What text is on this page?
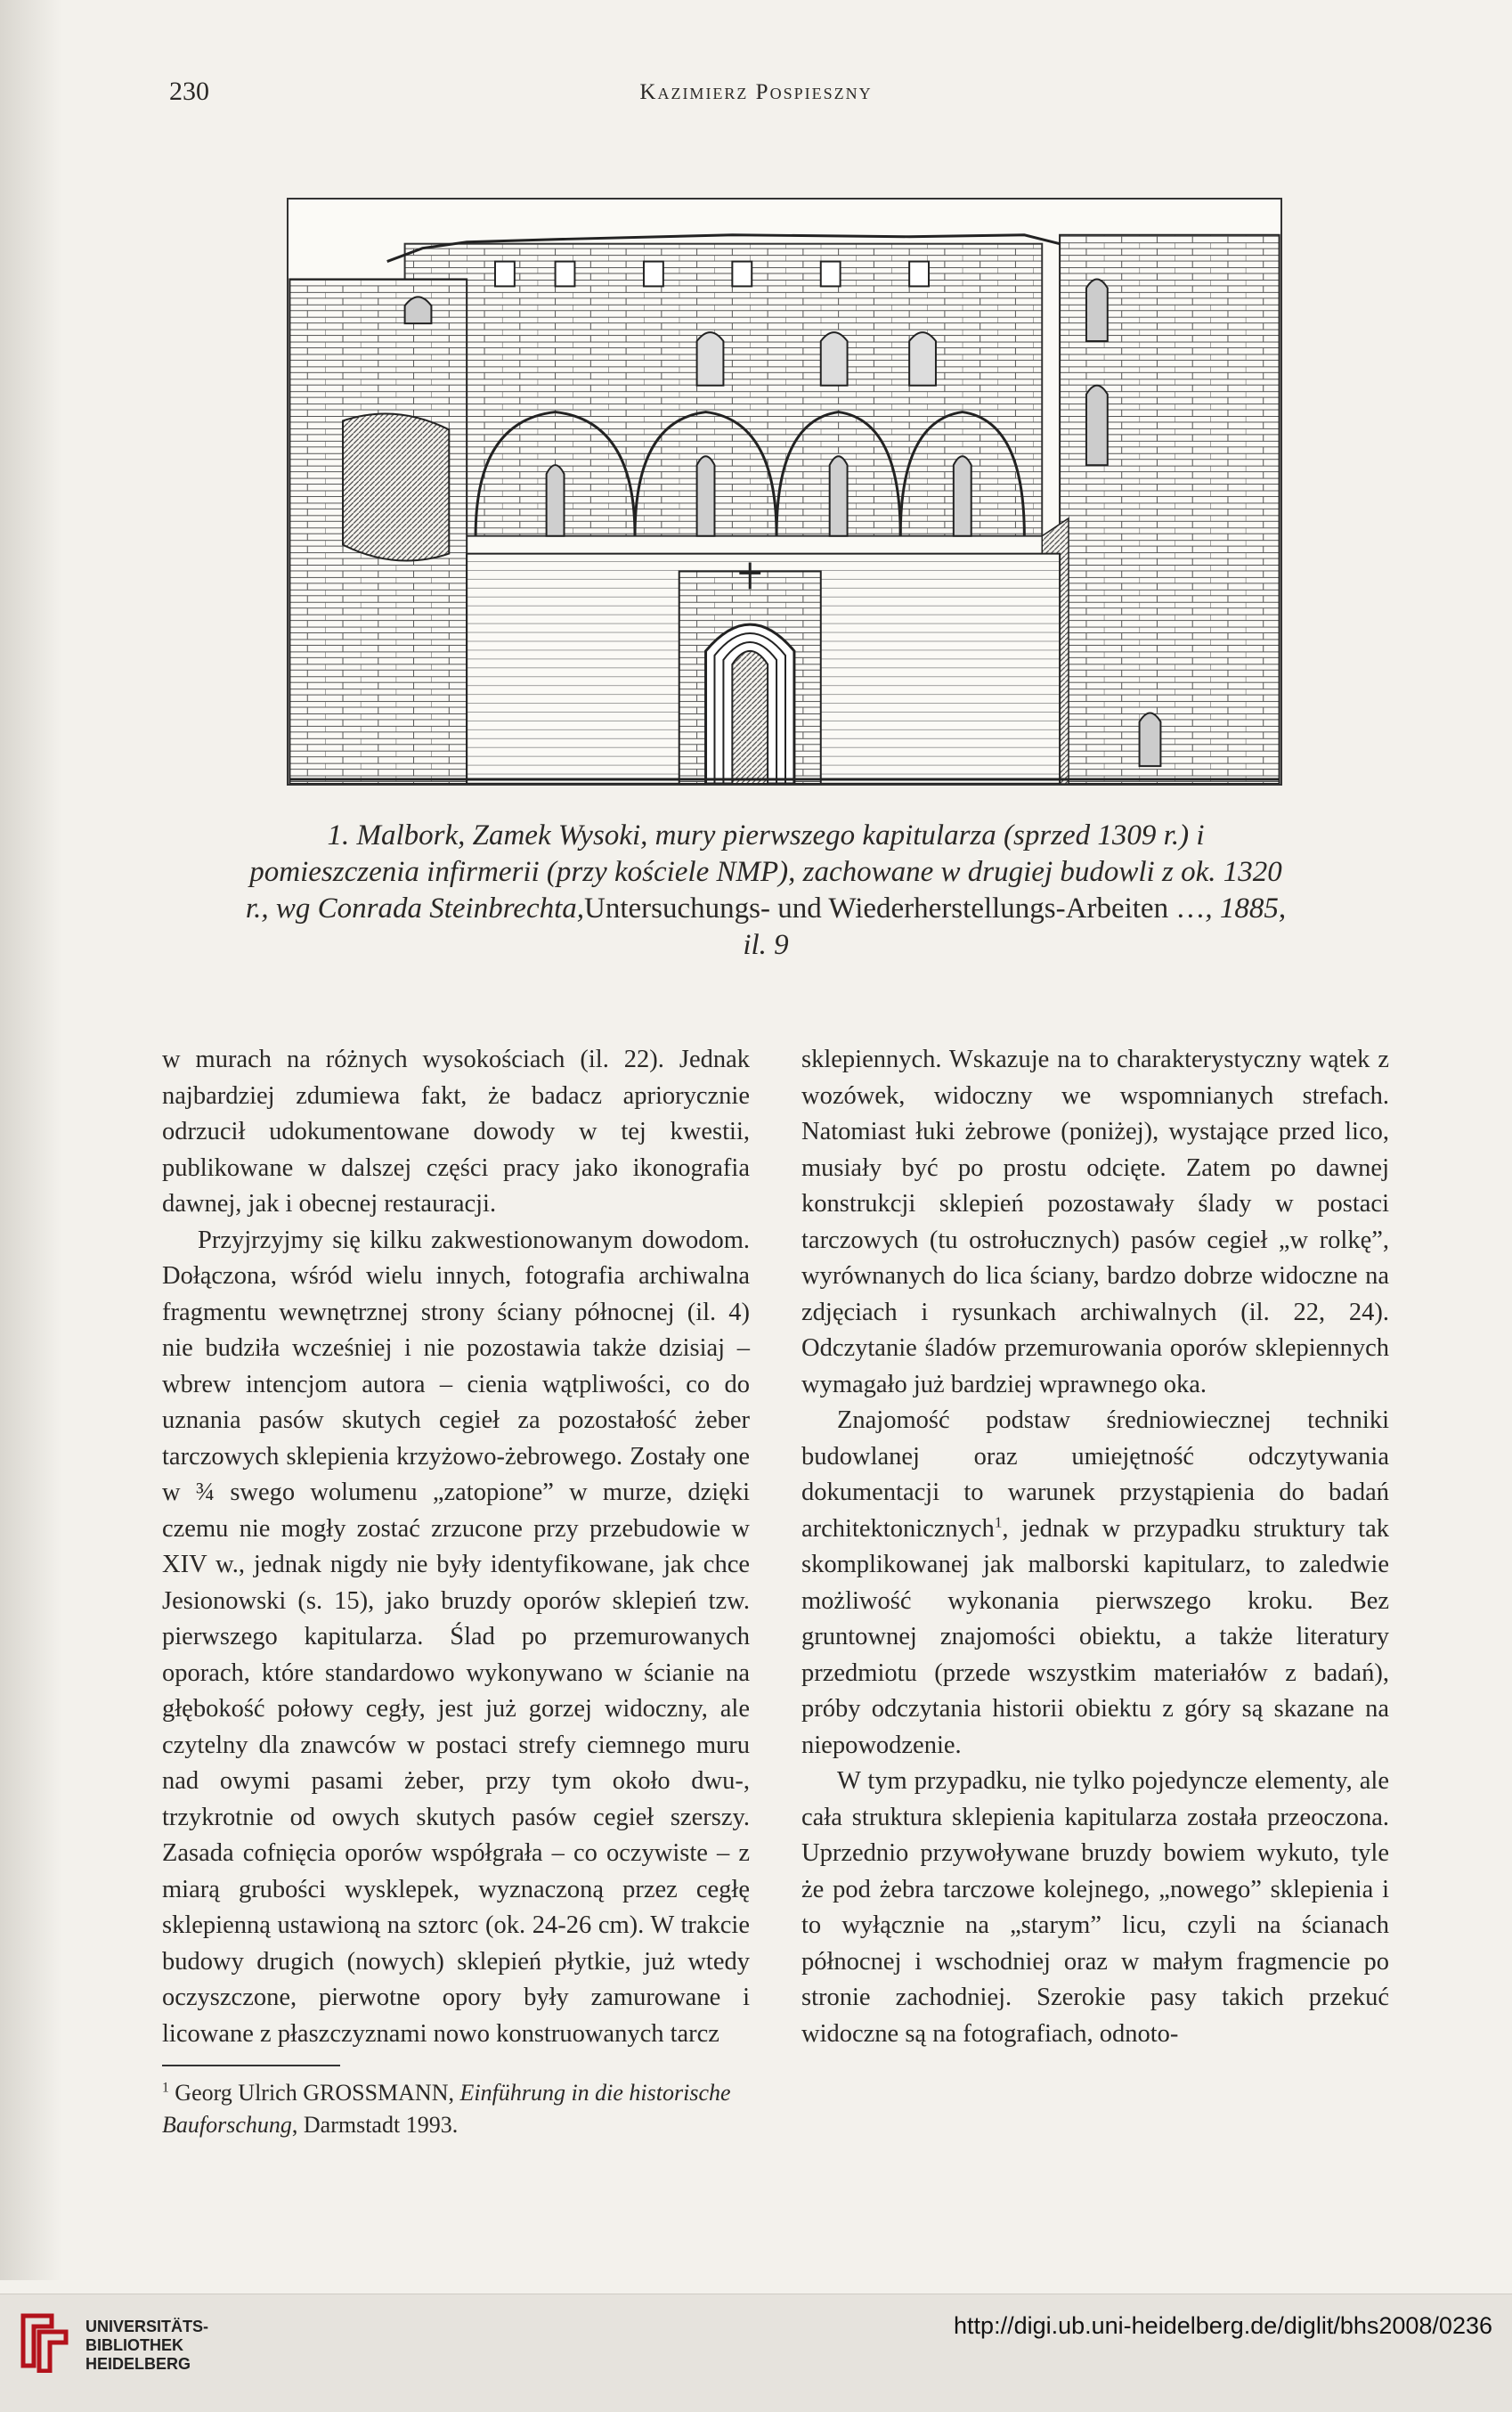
230	Kazimierz Pospieszny
1. Malbork, Zamek Wysoki, mury pierwszego kapitularza (sprzed 1309 r.) i pomieszczenia infirmerii (przy kościele NMP), zachowane w drugiej budowli z ok. 1320 r., wg Conrada Steinbrechta,Untersuchungs- und Wiederherstellungs-Arbeiten …, 1885, il. 9

w murach na różnych wysokościach (il. 22). Jednak najbardziej zdumiewa fakt, że badacz apriorycznie odrzucił udokumentowane dowody w tej kwestii, publikowane w dalszej części pracy jako ikonografia dawnej, jak i obecnej restauracji.

Przyjrzyjmy się kilku zakwestionowanym dowodom. Dołączona, wśród wielu innych, fotografia archiwalna fragmentu wewnętrznej strony ściany północnej (il. 4) nie budziła wcześniej i nie pozostawia także dzisiaj – wbrew intencjom autora – cienia wątpliwości, co do uznania pasów skutych cegieł za pozostałość żeber tarczowych sklepienia krzyżowo-żebrowego. Zostały one w ¾ swego wolumenu „zatopione” w murze, dzięki czemu nie mogły zostać zrzucone przy przebudowie w XIV w., jednak nigdy nie były identyfikowane, jak chce Jesionowski (s. 15), jako bruzdy oporów sklepień tzw. pierwszego kapitularza. Ślad po przemurowanych oporach, które standardowo wykonywano w ścianie na głębokość połowy cegły, jest już gorzej widoczny, ale czytelny dla znawców w postaci strefy ciemnego muru nad owymi pasami żeber, przy tym około dwu-, trzykrotnie od owych skutych pasów cegieł szerszy. Zasada cofnięcia oporów współgrała – co oczywiste – z miarą grubości wysklepek, wyznaczoną przez cegłę sklepienną ustawioną na sztorc (ok. 24-26 cm). W trakcie budowy drugich (nowych) sklepień płytkie, już wtedy oczyszczone, pierwotne opory były zamurowane i licowane z płaszczyznami nowo konstruowanych tarcz

sklepiennych. Wskazuje na to charakterystyczny wątek z wozówek, widoczny we wspomnianych strefach. Natomiast łuki żebrowe (poniżej), wystające przed lico, musiały być po prostu odcięte. Zatem po dawnej konstrukcji sklepień pozostawały ślady w postaci tarczowych (tu ostrołucznych) pasów cegieł „w rolkę”, wyrównanych do lica ściany, bardzo dobrze widoczne na zdjęciach i rysunkach archiwalnych (il. 22, 24). Odczytanie śladów przemurowania oporów sklepiennych wymagało już bardziej wprawnego oka.

Znajomość podstaw średniowiecznej techniki budowlanej oraz umiejętność odczytywania dokumentacji to warunek przystąpienia do badań architektonicznych$^1$, jednak w przypadku struktury tak skomplikowanej jak malborski kapitularz, to zaledwie możliwość wykonania pierwszego kroku. Bez gruntownej znajomości obiektu, a także literatury przedmiotu (przede wszystkim materiałów z badań), próby odczytania historii obiektu z góry są skazane na niepowodzenie.

W tym przypadku, nie tylko pojedyncze elementy, ale cała struktura sklepienia kapitularza została przeoczona. Uprzednio przywoływane bruzdy bowiem wykuto, tyle że pod żebra tarczowe kolejnego, „nowego” sklepienia i to wyłącznie na „starym” licu, czyli na ścianach północnej i wschodniej oraz w małym fragmencie po stronie zachodniej. Szerokie pasy takich przekuć widoczne są na fotografiach, odnoto-

$^1$ Georg Ulrich GROSSMANN, Einführung in die historische Bauforschung, Darmstadt 1993.
UNIVERSITÄTS-
BIBLIOTHEK
HEIDELBERG
http://digi.ub.uni-heidelberg.de/diglit/bhs2008/0236
